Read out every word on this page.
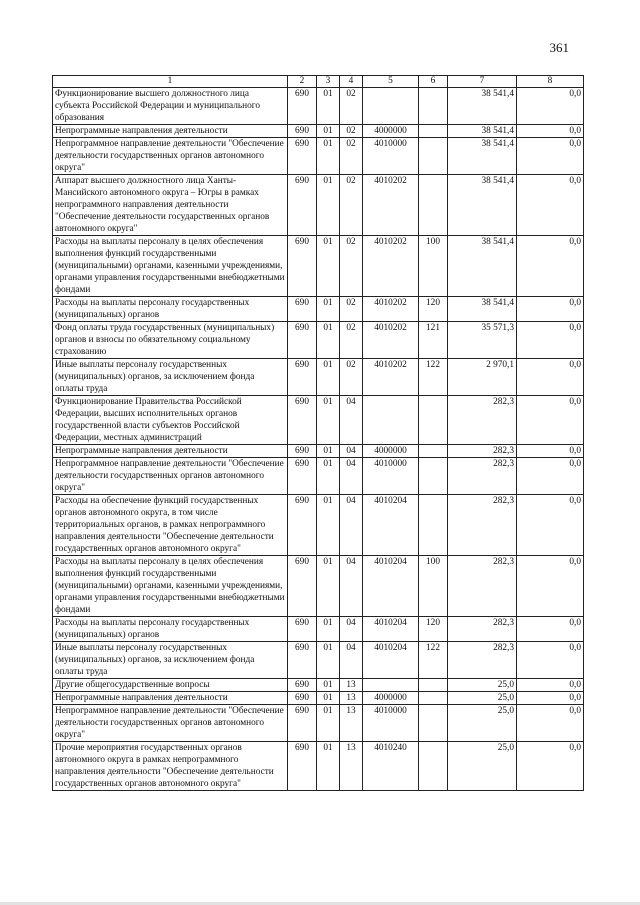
361
1	2	3	4	5	6	7	8
Функционирование высшего должностного лица субъекта Российской Федерации и муниципального образования	690	01	02			38 541,4	0,0
Непрограммные направления деятельности	690	01	02	4000000		38 541,4	0,0
Непрограммное направление деятельности "Обеспечение деятельности государственных органов автономного округа"	690	01	02	4010000		38 541,4	0,0
Аппарат высшего должностного лица Ханты-Мансийского автономного округа – Югры в рамках непрограммного направления деятельности "Обеспечение деятельности государственных органов автономного округа"	690	01	02	4010202		38 541,4	0,0
Расходы на выплаты персоналу в целях обеспечения выполнения функций государственными (муниципальными) органами, казенными учреждениями, органами управления государственными внебюджетными фондами	690	01	02	4010202	100	38 541,4	0,0
Расходы на выплаты персоналу государственных (муниципальных) органов	690	01	02	4010202	120	38 541,4	0,0
Фонд оплаты труда государственных (муниципальных) органов и взносы по обязательному социальному страхованию	690	01	02	4010202	121	35 571,3	0,0
Иные выплаты персоналу государственных (муниципальных) органов, за исключением фонда оплаты труда	690	01	02	4010202	122	2 970,1	0,0
Функционирование Правительства Российской Федерации, высших исполнительных органов государственной власти субъектов Российской Федерации, местных администраций	690	01	04			282,3	0,0
Непрограммные направления деятельности	690	01	04	4000000		282,3	0,0
Непрограммное направление деятельности "Обеспечение деятельности государственных органов автономного округа"	690	01	04	4010000		282,3	0,0
Расходы на обеспечение функций государственных органов автономного округа, в том числе территориальных органов, в рамках непрограммного направления деятельности "Обеспечение деятельности государственных органов автономного округа"	690	01	04	4010204		282,3	0,0
Расходы на выплаты персоналу в целях обеспечения выполнения функций государственными (муниципальными) органами, казенными учреждениями, органами управления государственными внебюджетными фондами	690	01	04	4010204	100	282,3	0,0
Расходы на выплаты персоналу государственных (муниципальных) органов	690	01	04	4010204	120	282,3	0,0
Иные выплаты персоналу государственных (муниципальных) органов, за исключением фонда оплаты труда	690	01	04	4010204	122	282,3	0,0
Другие общегосударственные вопросы	690	01	13			25,0	0,0
Непрограммные направления деятельности	690	01	13	4000000		25,0	0,0
Непрограммное направление деятельности "Обеспечение деятельности государственных органов автономного округа"	690	01	13	4010000		25,0	0,0
Прочие мероприятия государственных органов автономного округа в рамках непрограммного направления деятельности "Обеспечение деятельности государственных органов автономного округа"	690	01	13	4010240		25,0	0,0
